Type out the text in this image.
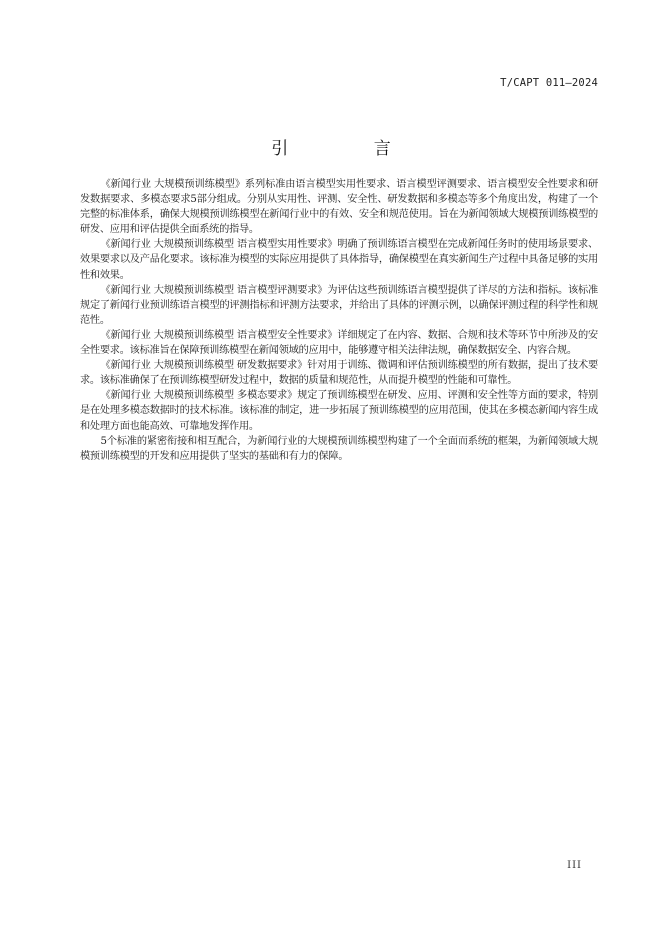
T/CAPT 011—2024
引 言

《新闻行业 大规模预训练模型》系列标准由语言模型实用性要求、语言模型评测要求、语言模型安全性要求和研发数据要求、多模态要求5部分组成。分别从实用性、评测、安全性、研发数据和多模态等多个角度出发，构建了一个完整的标准体系，确保大规模预训练模型在新闻行业中的有效、安全和规范使用。旨在为新闻领域大规模预训练模型的研发、应用和评估提供全面系统的指导。

《新闻行业 大规模预训练模型 语言模型实用性要求》明确了预训练语言模型在完成新闻任务时的使用场景要求、效果要求以及产品化要求。该标准为模型的实际应用提供了具体指导，确保模型在真实新闻生产过程中具备足够的实用性和效果。

《新闻行业 大规模预训练模型 语言模型评测要求》为评估这些预训练语言模型提供了详尽的方法和指标。该标准规定了新闻行业预训练语言模型的评测指标和评测方法要求，并给出了具体的评测示例，以确保评测过程的科学性和规范性。

《新闻行业 大规模预训练模型 语言模型安全性要求》详细规定了在内容、数据、合规和技术等环节中所涉及的安全性要求。该标准旨在保障预训练模型在新闻领域的应用中，能够遵守相关法律法规，确保数据安全、内容合规。

《新闻行业 大规模预训练模型 研发数据要求》针对用于训练、微调和评估预训练模型的所有数据，提出了技术要求。该标准确保了在预训练模型研发过程中，数据的质量和规范性，从而提升模型的性能和可靠性。

《新闻行业 大规模预训练模型 多模态要求》规定了预训练模型在研发、应用、评测和安全性等方面的要求，特别是在处理多模态数据时的技术标准。该标准的制定，进一步拓展了预训练模型的应用范围，使其在多模态新闻内容生成和处理方面也能高效、可靠地发挥作用。

5个标准的紧密衔接和相互配合，为新闻行业的大规模预训练模型构建了一个全面而系统的框架，为新闻领域大规模预训练模型的开发和应用提供了坚实的基础和有力的保障。

III
